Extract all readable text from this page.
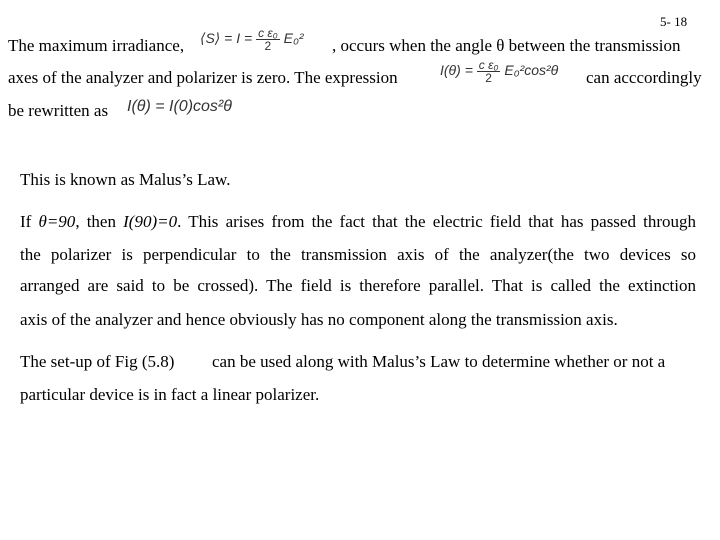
5- 18
The maximum irradiance, ⟨S⟩ = $I = \frac{\text{c ε₀}}{2} E_0^2$ , occurs when the angle θ between the transmission
axes of the analyzer and polarizer is zero. The expression	$I(\theta) = \frac{\text{c ε₀}}{2} E_0^2\cos^2\theta$ can acccordingly
be rewritten as I(θ) = I(0)cos²θ
This is known as Malus’s Law.
If θ=90, then I(90)=0. This arises from the fact that the electric field that has passed through
the polarizer is perpendicular to the transmission axis of the analyzer(the two devices so
arranged are said to be crossed). The field is therefore parallel. That is called the extinction
axis of the analyzer and hence obviously has no component along the transmission axis.
The set-up of Fig (5.8) can be used along with Malus’s Law to determine whether or not a
particular device is in fact a linear polarizer.
